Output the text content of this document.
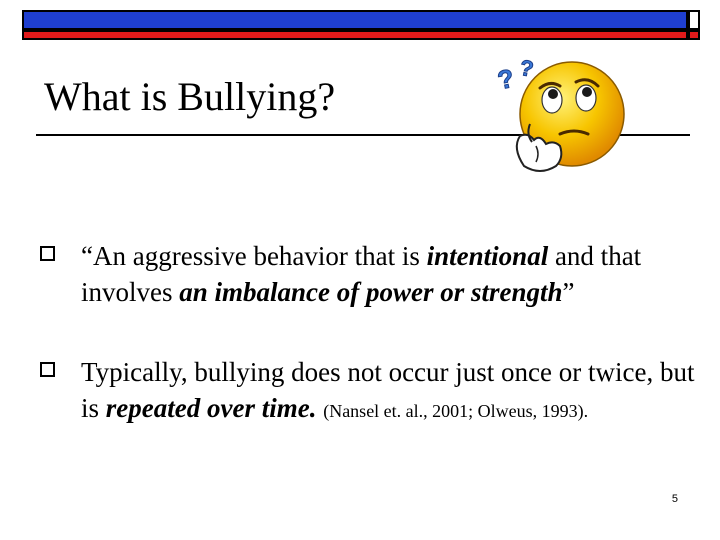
What is Bullying?	? ?
“An aggressive behavior that is intentional and that involves an imbalance of power or strength”
Typically, bullying does not occur just once or twice, but is repeated over time. (Nansel et. al., 2001; Olweus, 1993).
5
